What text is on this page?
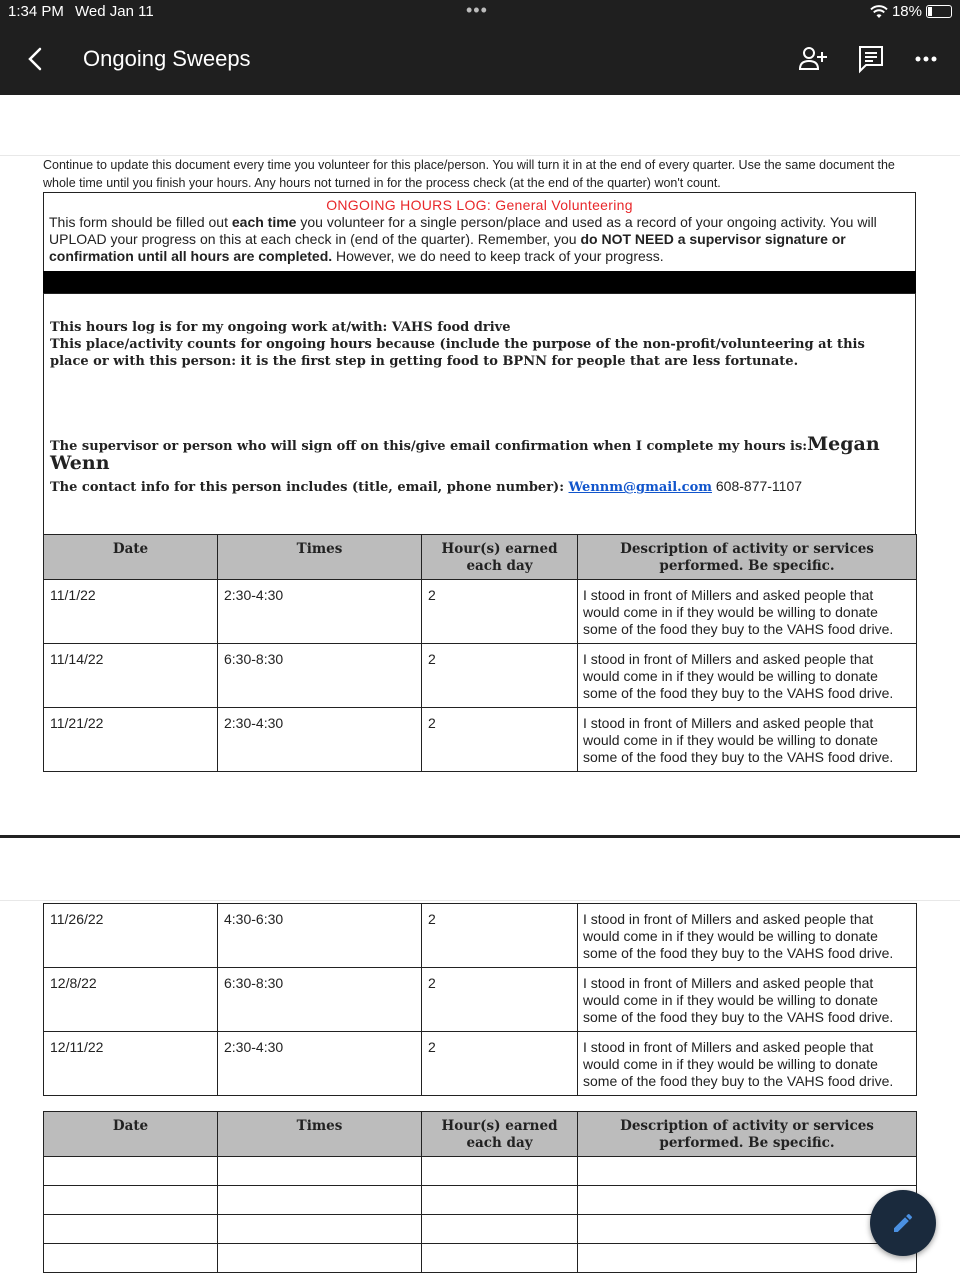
1:34 PM Wed Jan 11	•••	18%
Ongoing Sweeps
Continue to update this document every time you volunteer for this place/person. You will turn it in at the end of every quarter. Use the same document the whole time until you finish your hours. Any hours not turned in for the process check (at the end of the quarter) won't count.
ONGOING HOURS LOG: General Volunteering
This form should be filled out each time you volunteer for a single person/place and used as a record of your ongoing activity. You will UPLOAD your progress on this at each check in (end of the quarter). Remember, you do NOT NEED a supervisor signature or confirmation until all hours are completed. However, we do need to keep track of your progress.
This hours log is for my ongoing work at/with: VAHS food drive
This place/activity counts for ongoing hours because (include the purpose of the non-profit/volunteering at this place or with this person: it is the first step in getting food to BPNN for people that are less fortunate.
The supervisor or person who will sign off on this/give email confirmation when I complete my hours is:Megan Wenn
The contact info for this person includes (title, email, phone number): Wennm@gmail.com 608-877-1107
Date	Times	Hour(s) earned each day	Description of activity or services performed. Be specific.
11/1/22	2:30-4:30	2	I stood in front of Millers and asked people that would come in if they would be willing to donate some of the food they buy to the VAHS food drive.
11/14/22	6:30-8:30	2	I stood in front of Millers and asked people that would come in if they would be willing to donate some of the food they buy to the VAHS food drive.
11/21/22	2:30-4:30	2	I stood in front of Millers and asked people that would come in if they would be willing to donate some of the food they buy to the VAHS food drive.
11/26/22	4:30-6:30	2	I stood in front of Millers and asked people that would come in if they would be willing to donate some of the food they buy to the VAHS food drive.
12/8/22	6:30-8:30	2	I stood in front of Millers and asked people that would come in if they would be willing to donate some of the food they buy to the VAHS food drive.
12/11/22	2:30-4:30	2	I stood in front of Millers and asked people that would come in if they would be willing to donate some of the food they buy to the VAHS food drive.
Date	Times	Hour(s) earned each day	Description of activity or services performed. Be specific.
